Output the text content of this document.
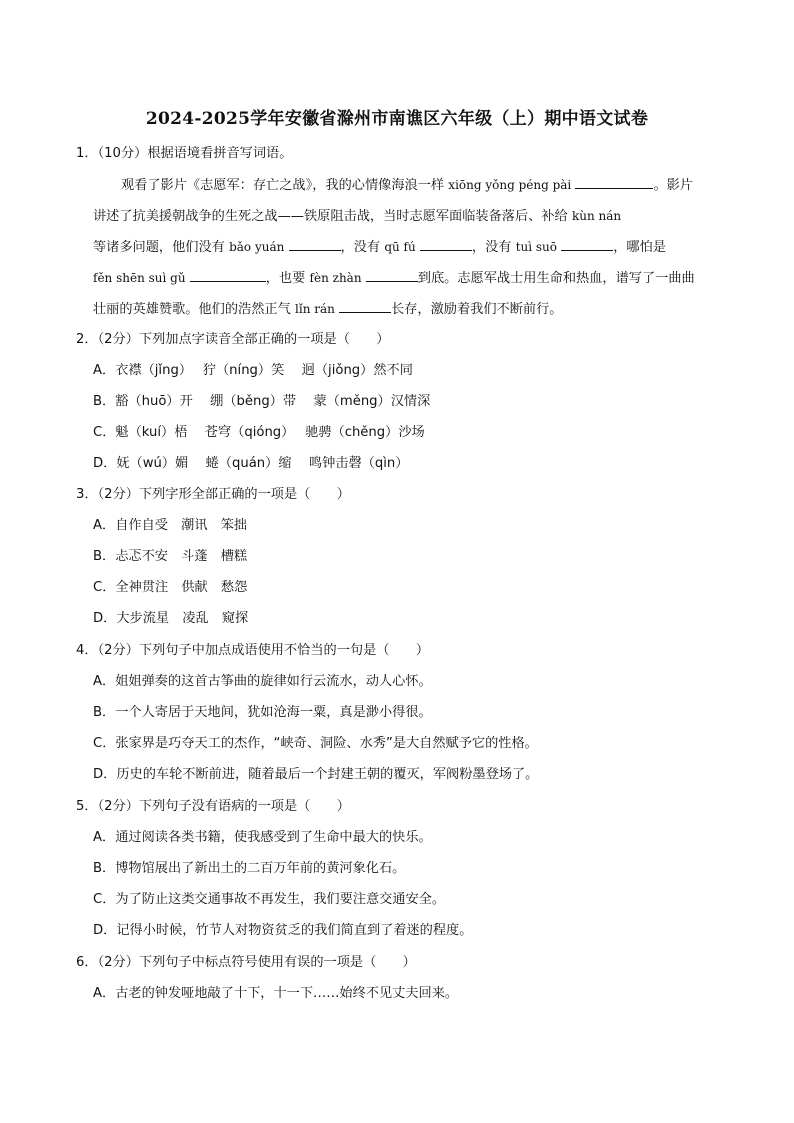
2024-2025学年安徽省滁州市南谯区六年级（上）期中语文试卷
1．（10分）根据语境看拼音写词语。
观看了影片《志愿军：存亡之战》，我的心情像海浪一样 xiōng yǒng péng pài	。影片
讲述了抗美援朝战争的生死之战——铁原阻击战，当时志愿军面临装备落后、补给 kùn nán
等诸多问题，他们没有 bǎo yuán	，没有 qū fú	，没有 tuì suō	，哪怕是
fěn shēn suì gǔ	，也要 fèn zhàn	到底。志愿军战士用生命和热血，谱写了一曲曲
壮丽的英雄赞歌。他们的浩然正气 lǐn rán	长存，激励着我们不断前行。
2．（2分）下列加点字读音全部正确的一项是（　　）
A．衣襟（jǐng）　 狞（níng）笑　 迥（jiǒng）然不同
B．豁（huō）开　 绷（běng）带　 蒙（měng）汉情深
C．魁（kuí）梧　 苍穹（qióng）　 驰骋（chěng）沙场
D．妩（wú）媚　 蜷（quán）缩　 鸣钟击磬（qìn）
3．（2分）下列字形全部正确的一项是（　　）
A．自作自受　潮讯　笨拙
B．忐忑不安　斗蓬　槽糕
C．全神贯注　供献　愁怨
D．大步流星　凌乱　窥探
4．（2分）下列句子中加点成语使用不恰当的一句是（　　）
A．姐姐弹奏的这首古筝曲的旋律如行云流水，动人心怀。
B．一个人寄居于天地间，犹如沧海一粟，真是渺小得很。
C．张家界是巧夺天工的杰作，“峡奇、洞险、水秀”是大自然赋予它的性格。
D．历史的车轮不断前进，随着最后一个封建王朝的覆灭，军阀粉墨登场了。
5．（2分）下列句子没有语病的一项是（　　）
A．通过阅读各类书籍，使我感受到了生命中最大的快乐。
B．博物馆展出了新出土的二百万年前的黄河象化石。
C．为了防止这类交通事故不再发生，我们要注意交通安全。
D．记得小时候，竹节人对物资贫乏的我们简直到了着迷的程度。
6．（2分）下列句子中标点符号使用有误的一项是（　　）
A．古老的钟发哑地敲了十下，十一下……始终不见丈夫回来。
